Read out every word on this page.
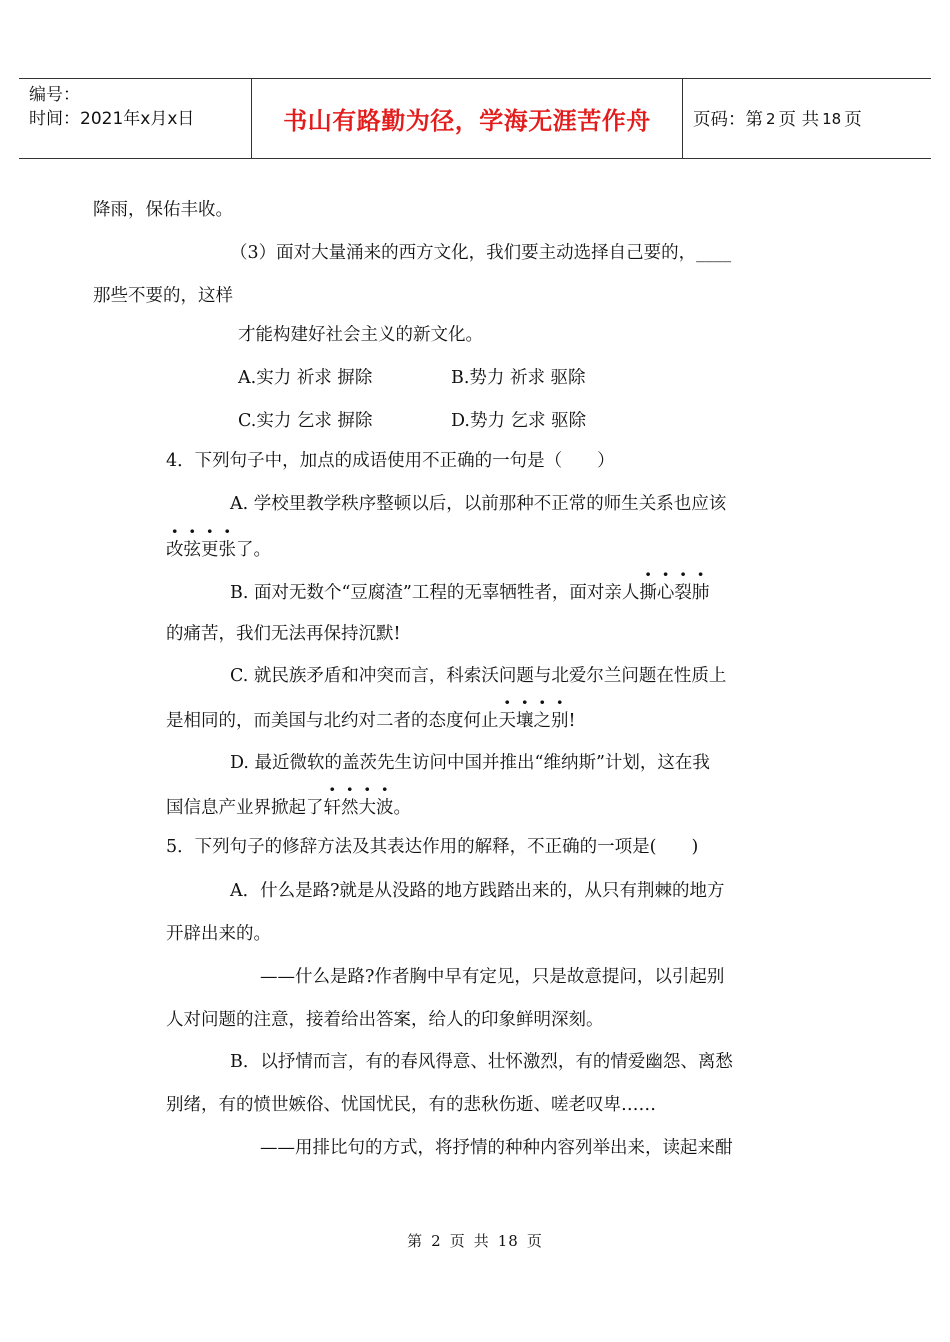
编号：
时间：2021年x月x日	书山有路勤为径，学海无涯苦作舟	页码：第 2 页 共 18 页
降雨，保佑丰收。
（3）面对大量涌来的西方文化，我们要主动选择自己要的，____
那些不要的，这样
才能构建好社会主义的新文化。
A.实力 祈求 摒除	B.势力 祈求 驱除
C.实力 乞求 摒除	D.势力 乞求 驱除
4．下列句子中，加点的成语使用不正确的一句是（　　）
A. 学校里教学秩序整顿以后，以前那种不正常的师生关系也应该
改弦更张了。
B. 面对无数个“豆腐渣”工程的无辜牺牲者，面对亲人撕心裂肺
的痛苦，我们无法再保持沉默!
C. 就民族矛盾和冲突而言，科索沃问题与北爱尔兰问题在性质上
是相同的，而美国与北约对二者的态度何止天壤之别!
D. 最近微软的盖茨先生访问中国并推出“维纳斯”计划，这在我
国信息产业界掀起了轩然大波。
5．下列句子的修辞方法及其表达作用的解释，不正确的一项是(　　)
A．什么是路?就是从没路的地方践踏出来的，从只有荆棘的地方
开辟出来的。
——什么是路?作者胸中早有定见，只是故意提问，以引起别
人对问题的注意，接着给出答案，给人的印象鲜明深刻。
B．以抒情而言，有的春风得意、壮怀激烈，有的情爱幽怨、离愁
别绪，有的愤世嫉俗、忧国忧民，有的悲秋伤逝、嗟老叹卑……
——用排比句的方式，将抒情的种种内容列举出来，读起来酣
第 2 页 共 18 页
